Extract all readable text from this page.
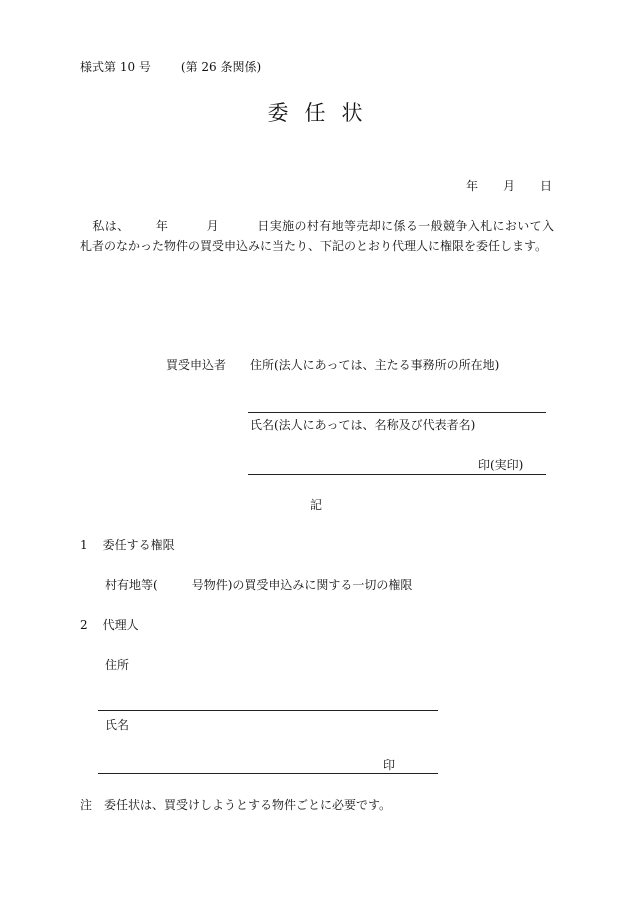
様式第 10 号	(第 26 条関係)
委任状
年 月 日
私は、 年	月	日実施の村有地等売却に係る一般競争入札において入札者のなかった物件の買受申込みに当たり、下記のとおり代理人に権限を委任します。
買受申込者 住所(法人にあっては、主たる事務所の所在地)
氏名(法人にあっては、名称及び代表者名)
印(実印)
記
1 委任する権限
村有地等(	号物件)の買受申込みに関する一切の権限
2 代理人
住所
氏名
印
注 委任状は、買受けしようとする物件ごとに必要です。
